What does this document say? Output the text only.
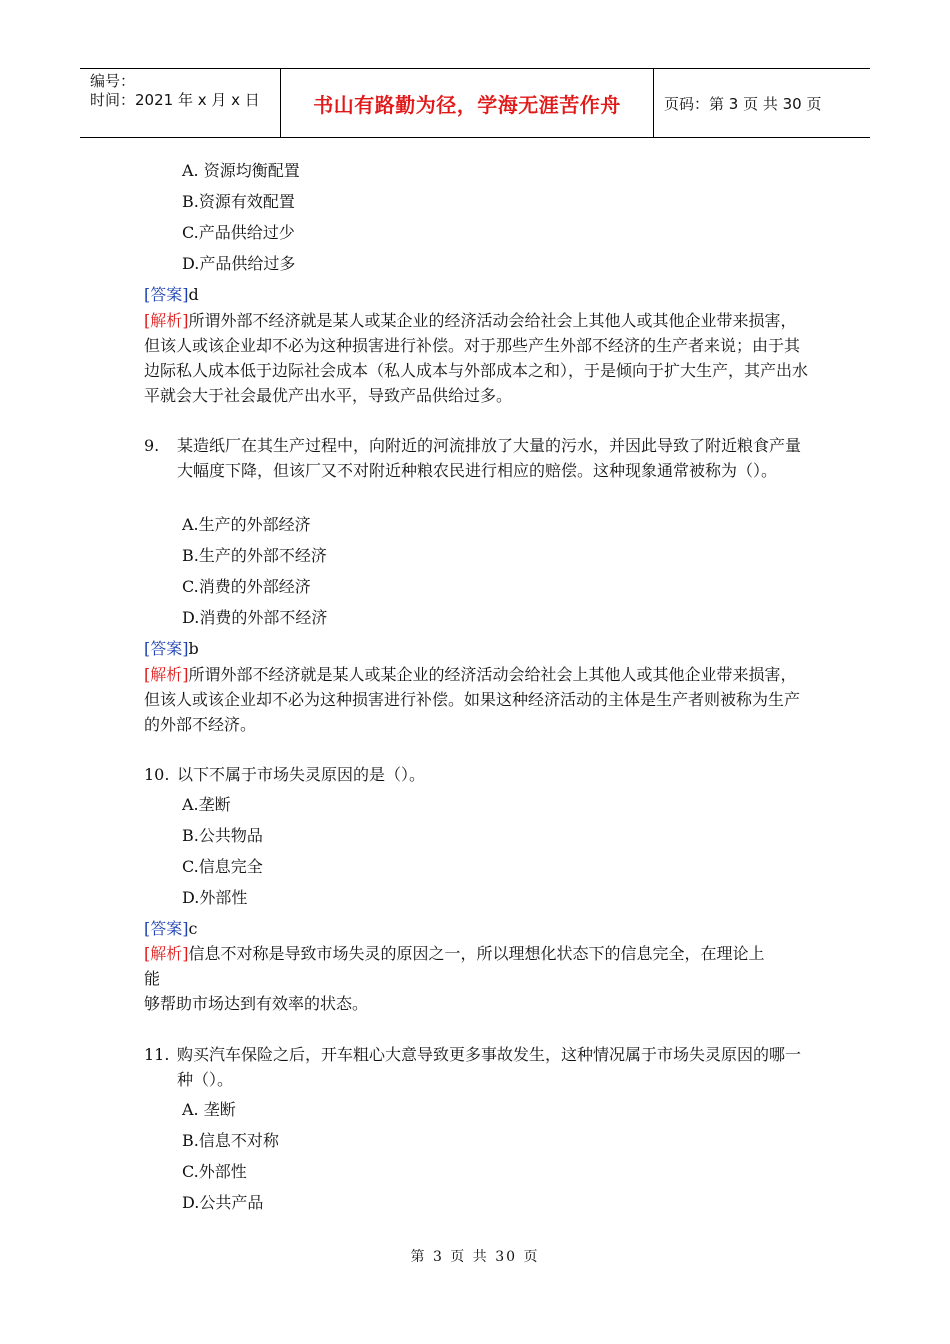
编号：
时间：2021 年 x 月 x 日	书山有路勤为径，学海无涯苦作舟	页码：第 3 页 共 30 页
A. 资源均衡配置
B.资源有效配置
C.产品供给过少
D.产品供给过多
[答案]d
[解析]所谓外部不经济就是某人或某企业的经济活动会给社会上其他人或其他企业带来损害，但该人或该企业却不必为这种损害进行补偿。对于那些产生外部不经济的生产者来说；由于其边际私人成本低于边际社会成本（私人成本与外部成本之和），于是倾向于扩大生产，其产出水平就会大于社会最优产出水平，导致产品供给过多。
9. 某造纸厂在其生产过程中，向附近的河流排放了大量的污水，并因此导致了附近粮食产量大幅度下降，但该厂又不对附近种粮农民进行相应的赔偿。这种现象通常被称为（）。
A.生产的外部经济
B.生产的外部不经济
C.消费的外部经济
D.消费的外部不经济
[答案]b
[解析]所谓外部不经济就是某人或某企业的经济活动会给社会上其他人或其他企业带来损害，但该人或该企业却不必为这种损害进行补偿。如果这种经济活动的主体是生产者则被称为生产的外部不经济。
10. 以下不属于市场失灵原因的是（）。
A.垄断
B.公共物品
C.信息完全
D.外部性
[答案]c
[解析]信息不对称是导致市场失灵的原因之一，所以理想化状态下的信息完全，在理论上
能
够帮助市场达到有效率的状态。
11. 购买汽车保险之后，开车粗心大意导致更多事故发生，这种情况属于市场失灵原因的哪一种（）。
A. 垄断
B.信息不对称
C.外部性
D.公共产品
第 3 页 共 30 页
